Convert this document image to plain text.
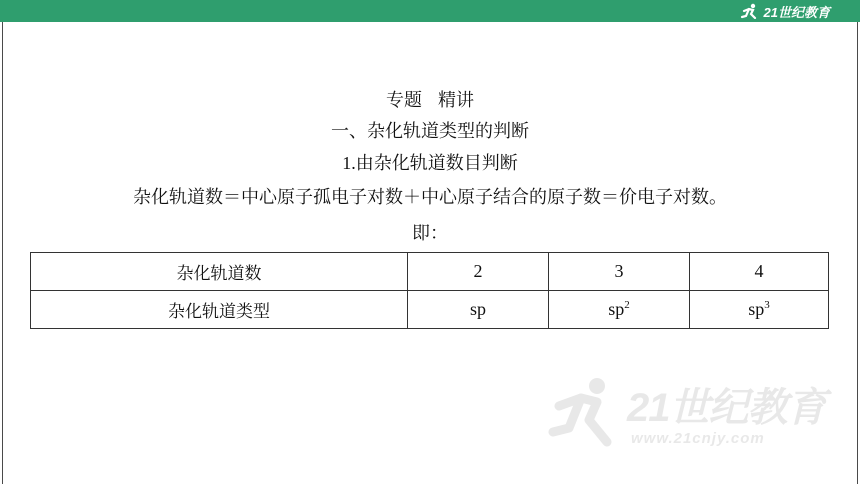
21世纪教育
专题 精讲
一、杂化轨道类型的判断
1.由杂化轨道数目判断
杂化轨道数＝中心原子孤电子对数＋中心原子结合的原子数＝价电子对数。
即：
杂化轨道数	2	3	4
杂化轨道类型	sp	$sp^2$	$sp^3$
21世纪教育
www.21cnjy.com
